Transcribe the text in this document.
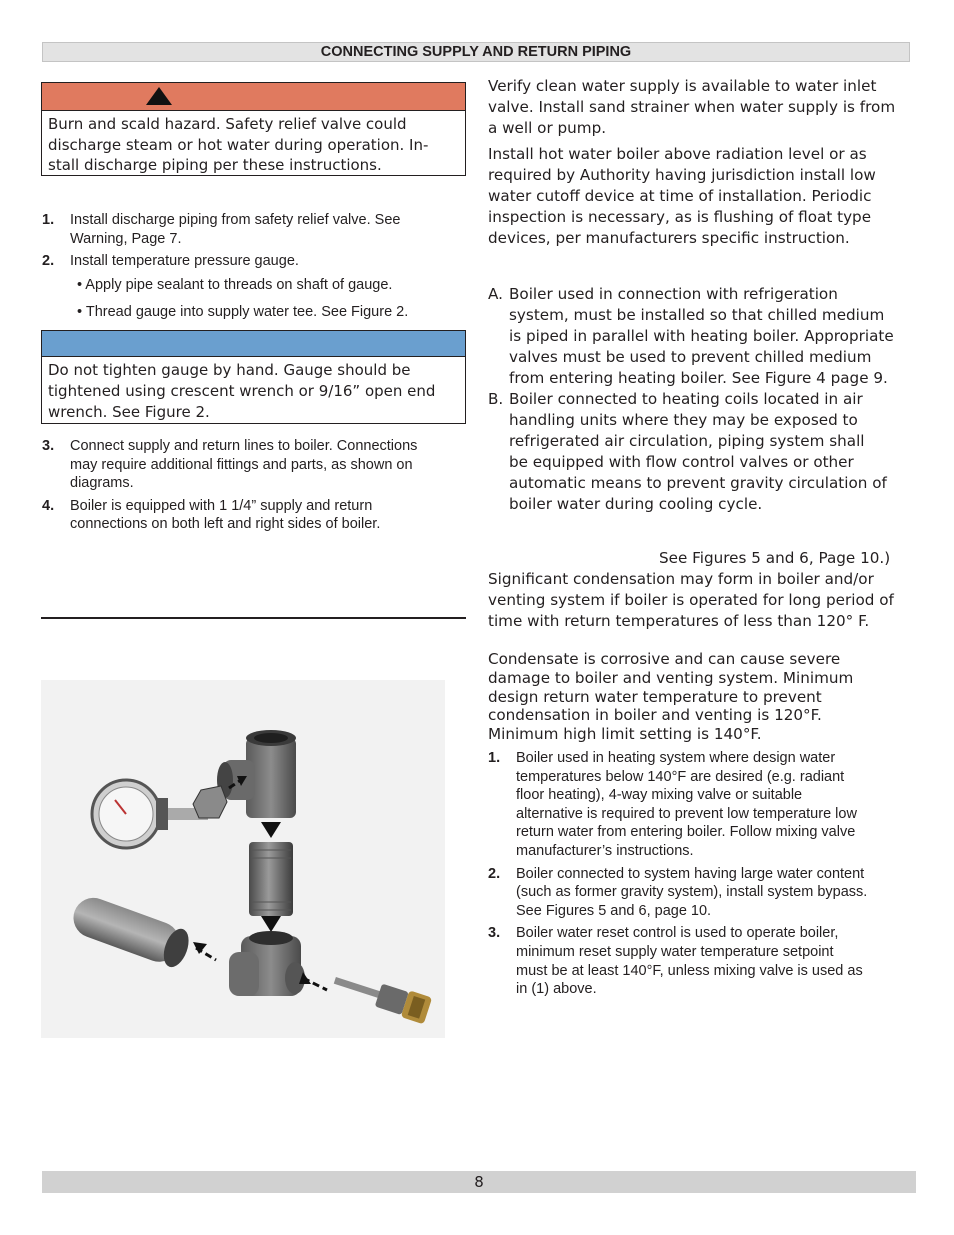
CONNECTING SUPPLY AND RETURN PIPING
Burn and scald hazard. Safety relief valve could
discharge steam or hot water during operation. In-
stall discharge piping per these instructions.
1. Install discharge piping from safety relief valve. See
Warning, Page 7.
2. Install temperature pressure gauge.
• Apply pipe sealant to threads on shaft of gauge.
• Thread gauge into supply water tee. See Figure 2.
Do not tighten gauge by hand. Gauge should be
tightened using crescent wrench or 9/16” open end
wrench. See Figure 2.
3. Connect supply and return lines to boiler. Connections
may require additional fittings and parts, as shown on
diagrams.
4. Boiler is equipped with 1 1/4” supply and return
connections on both left and right sides of boiler.
Verify clean water supply is available to water inlet
valve. Install sand strainer when water supply is from
a well or pump.
Install hot water boiler above radiation level or as
required by Authority having jurisdiction install low
water cutoff device at time of installation. Periodic
inspection is necessary, as is flushing of float type
devices, per manufacturers specific instruction.
A. Boiler used in connection with refrigeration
system, must be installed so that chilled medium
is piped in parallel with heating boiler. Appropriate
valves must be used to prevent chilled medium
from entering heating boiler. See Figure 4 page 9.
B. Boiler connected to heating coils located in air
handling units where they may be exposed to
refrigerated air circulation, piping system shall
be equipped with flow control valves or other
automatic means to prevent gravity circulation of
boiler water during cooling cycle.
See Figures 5 and 6, Page 10.)
Significant condensation may form in boiler and/or
venting system if boiler is operated for long period of
time with return temperatures of less than 120° F.
Condensate is corrosive and can cause severe
damage to boiler and venting system. Minimum
design return water temperature to prevent
condensation in boiler and venting is 120°F.
Minimum high limit setting is 140°F.
1. Boiler used in heating system where design water
temperatures below 140°F are desired (e.g. radiant
floor heating), 4-way mixing valve or suitable
alternative is required to prevent low temperature low
return water from entering boiler. Follow mixing valve
manufacturer’s instructions.
2. Boiler connected to system having large water content
(such as former gravity system), install system bypass.
See Figures 5 and 6, page 10.
3. Boiler water reset control is used to operate boiler,
minimum reset supply water temperature setpoint
must be at least 140°F, unless mixing valve is used as
in (1) above.
8
